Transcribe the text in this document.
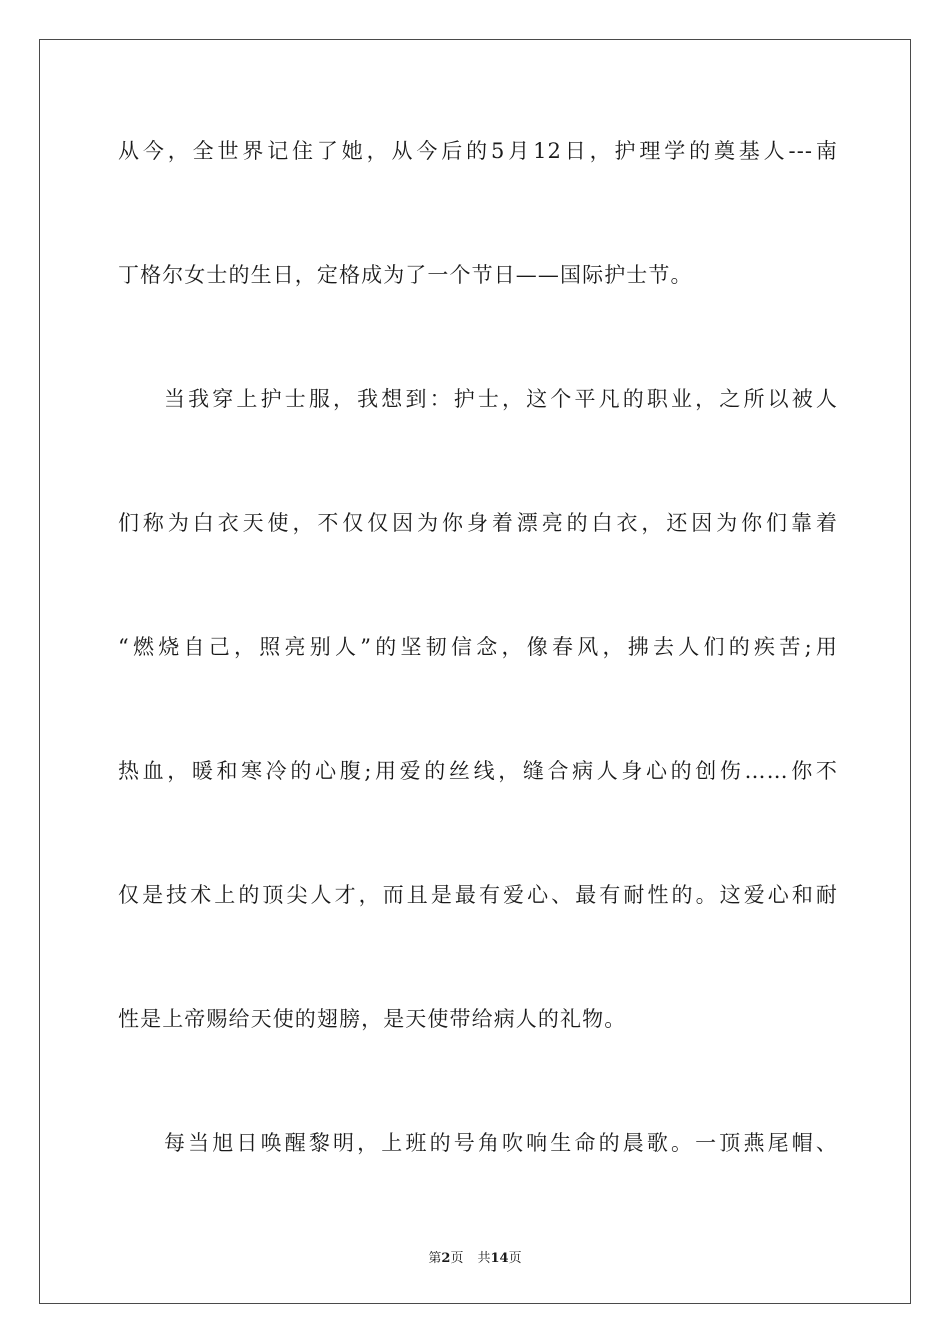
从今，全世界记住了她，从今后的5月12日，护理学的奠基人---南
丁格尔女士的生日，定格成为了一个节日——国际护士节。
当我穿上护士服，我想到：护士，这个平凡的职业，之所以被人
们称为白衣天使，不仅仅因为你身着漂亮的白衣，还因为你们靠着
“燃烧自己，照亮别人”的坚韧信念，像春风，拂去人们的疾苦;用
热血，暖和寒冷的心腹;用爱的丝线，缝合病人身心的创伤……你不
仅是技术上的顶尖人才，而且是最有爱心、最有耐性的。这爱心和耐
性是上帝赐给天使的翅膀，是天使带给病人的礼物。
每当旭日唤醒黎明，上班的号角吹响生命的晨歌。一顶燕尾帽、
第2页 共14页
